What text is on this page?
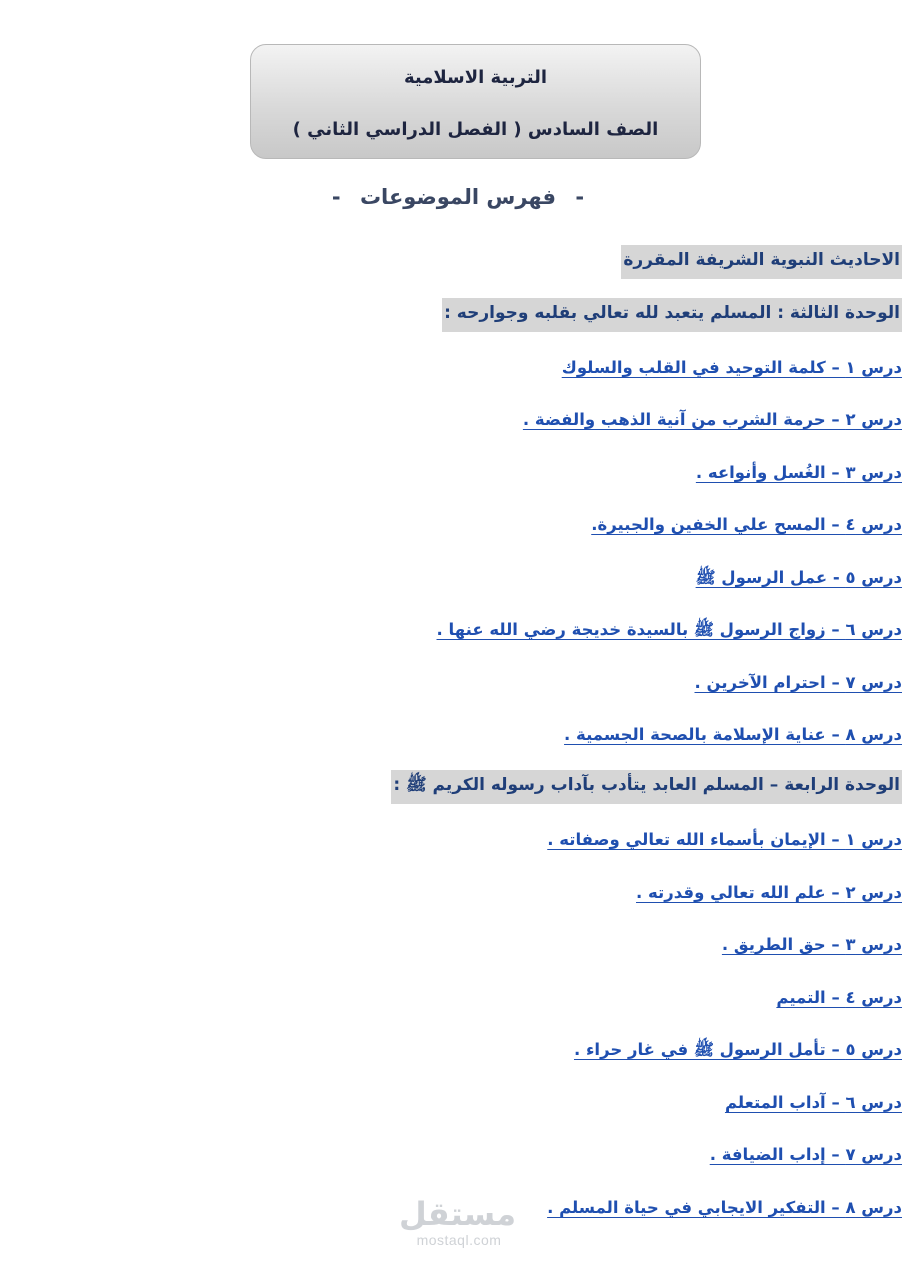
التربية الاسلامية
الصف السادس ( الفصل الدراسي الثاني )
- فهرس الموضوعات -
الاحاديث النبوية الشريفة المقررة
الوحدة الثالثة : المسلم يتعبد لله تعالي بقلبه وجوارحه :
درس ١ – كلمة التوحيد في القلب والسلوك
درس ٢ – حرمة الشرب من آنية الذهب والفضة .
درس ٣ – الغُسل وأنواعه .
درس ٤ – المسح علي الخفين والجبيرة.
درس ٥ - عمل الرسول ﷺ
درس ٦ – زواج الرسول ﷺ بالسيدة خديجة رضي الله عنها .
درس ٧ – احترام الآخرين .
درس ٨ – عناية الإسلامة بالصحة الجسمية .
الوحدة الرابعة – المسلم العابد يتأدب بآداب رسوله الكريم ﷺ :
درس ١ – الإيمان بأسماء الله تعالي وصفاته .
درس ٢ – علم الله تعالي وقدرته .
درس ٣ – حق الطريق .
درس ٤ – التميم
درس ٥ – تأمل الرسول ﷺ في غار حراء .
درس ٦ – آداب المتعلم
درس ٧ – إداب الضيافة .
درس ٨ – التفكير الايجابي في حياة المسلم .
مستقل
mostaql.com
